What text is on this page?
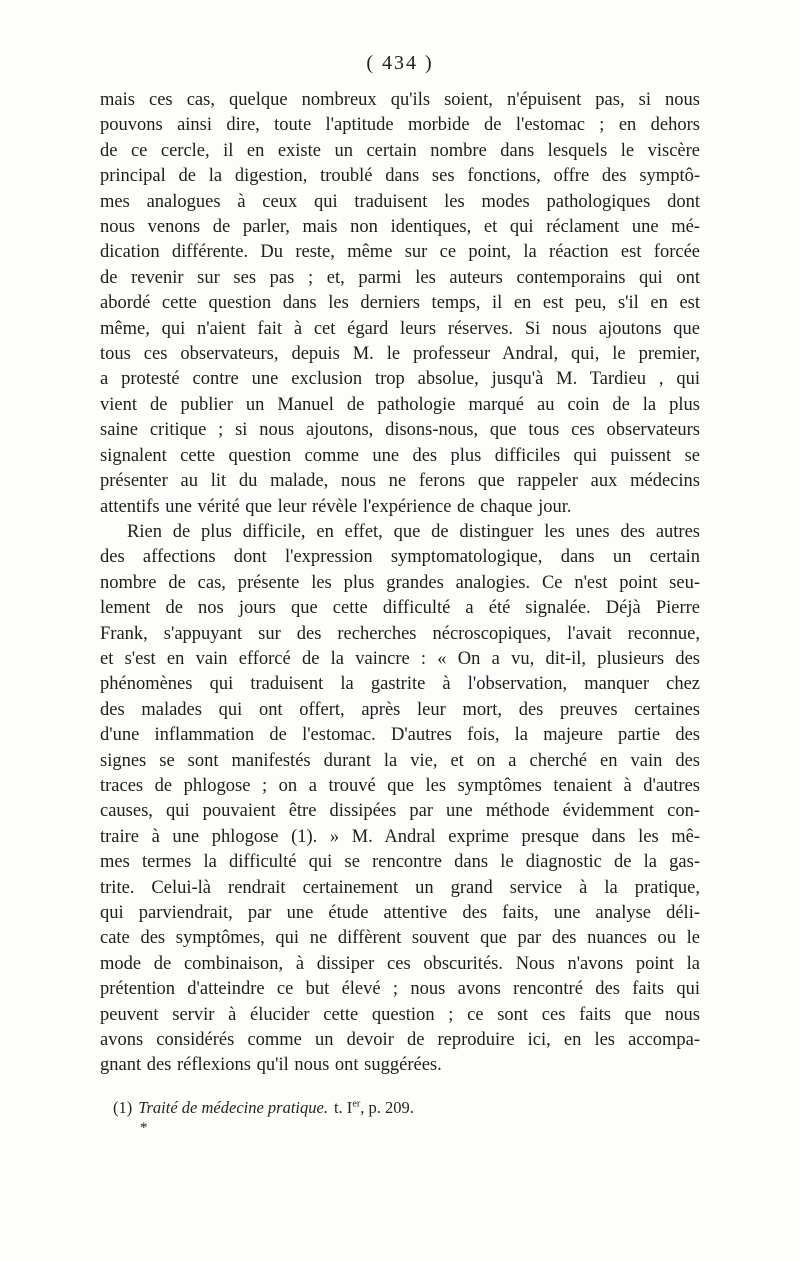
( 434 )
mais ces cas, quelque nombreux qu'ils soient, n'épuisent pas, si nous
pouvons ainsi dire, toute l'aptitude morbide de l'estomac ; en dehors
de ce cercle, il en existe un certain nombre dans lesquels le viscère
principal de la digestion, troublé dans ses fonctions, offre des symptô-
mes analogues à ceux qui traduisent les modes pathologiques dont
nous venons de parler, mais non identiques, et qui réclament une mé-
dication différente. Du reste, même sur ce point, la réaction est forcée
de revenir sur ses pas ; et, parmi les auteurs contemporains qui ont
abordé cette question dans les derniers temps, il en est peu, s'il en est
même, qui n'aient fait à cet égard leurs réserves. Si nous ajoutons que
tous ces observateurs, depuis M. le professeur Andral, qui, le premier,
a protesté contre une exclusion trop absolue, jusqu'à M. Tardieu , qui
vient de publier un Manuel de pathologie marqué au coin de la plus
saine critique ; si nous ajoutons, disons-nous, que tous ces observateurs
signalent cette question comme une des plus difficiles qui puissent se
présenter au lit du malade, nous ne ferons que rappeler aux médecins
attentifs une vérité que leur révèle l'expérience de chaque jour.
Rien de plus difficile, en effet, que de distinguer les unes des autres
des affections dont l'expression symptomatologique, dans un certain
nombre de cas, présente les plus grandes analogies. Ce n'est point seu-
lement de nos jours que cette difficulté a été signalée. Déjà Pierre
Frank, s'appuyant sur des recherches nécroscopiques, l'avait reconnue,
et s'est en vain efforcé de la vaincre : « On a vu, dit-il, plusieurs des
phénomènes qui traduisent la gastrite à l'observation, manquer chez
des malades qui ont offert, après leur mort, des preuves certaines
d'une inflammation de l'estomac. D'autres fois, la majeure partie des
signes se sont manifestés durant la vie, et on a cherché en vain des
traces de phlogose ; on a trouvé que les symptômes tenaient à d'autres
causes, qui pouvaient être dissipées par une méthode évidemment con-
traire à une phlogose (1). » M. Andral exprime presque dans les mê-
mes termes la difficulté qui se rencontre dans le diagnostic de la gas-
trite. Celui-là rendrait certainement un grand service à la pratique,
qui parviendrait, par une étude attentive des faits, une analyse déli-
cate des symptômes, qui ne diffèrent souvent que par des nuances ou le
mode de combinaison, à dissiper ces obscurités. Nous n'avons point la
prétention d'atteindre ce but élevé ; nous avons rencontré des faits qui
peuvent servir à élucider cette question ; ce sont ces faits que nous
avons considérés comme un devoir de reproduire ici, en les accompa-
gnant des réflexions qu'il nous ont suggérées.
(1) Traité de médecine pratique. t. Ier, p. 209.
*
